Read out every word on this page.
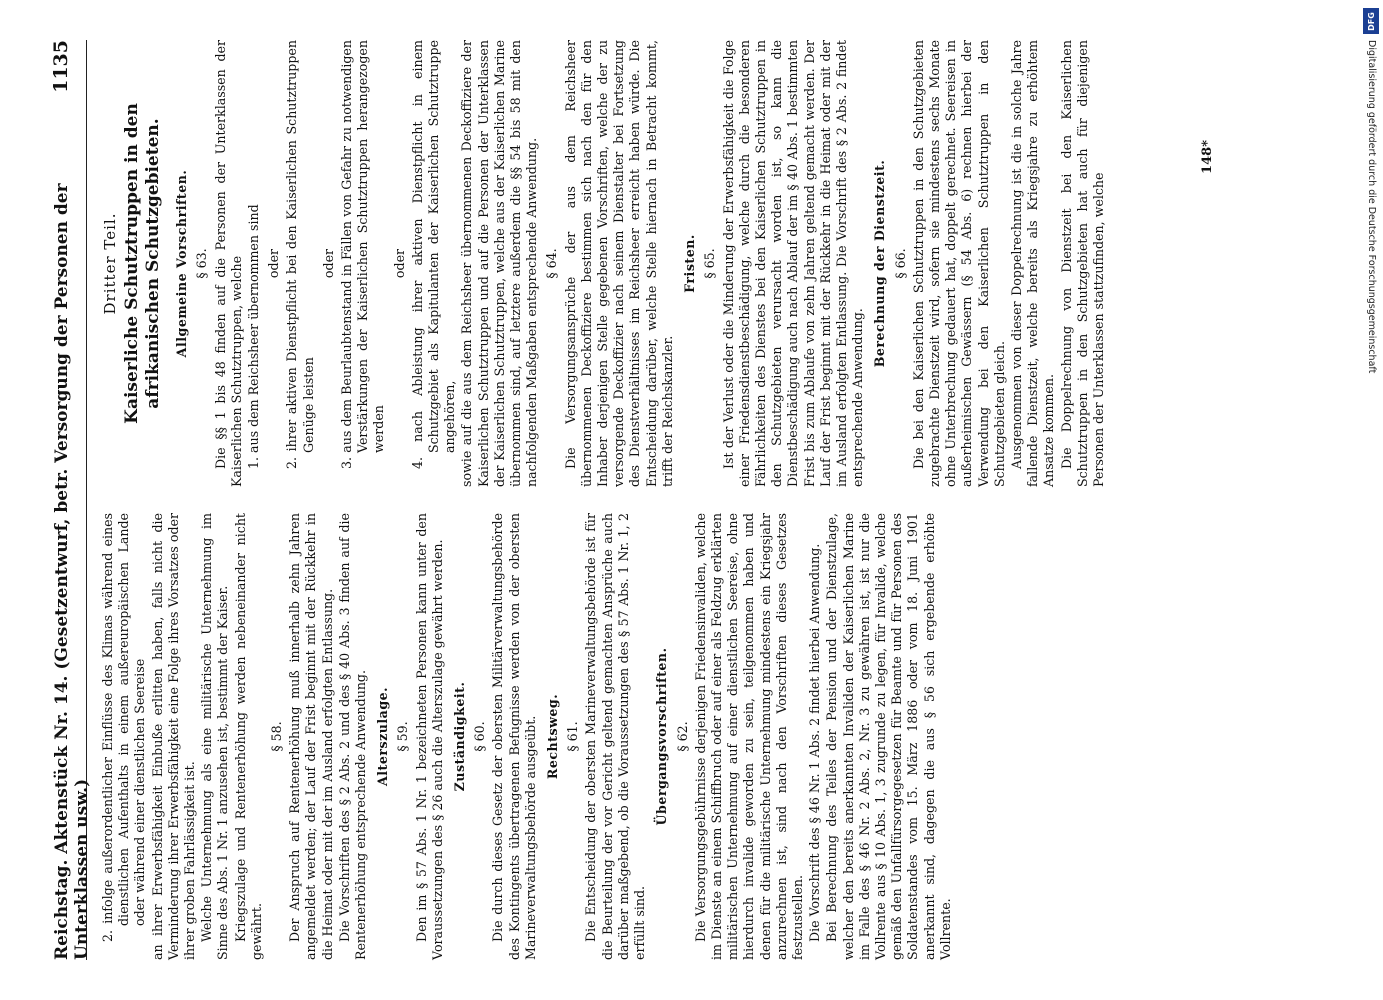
Reichstag. Aktenstück Nr. 14. (Gesetzentwurf, betr. Versorgung der Personen der Unterklassen usw.)
1135

2. infolge außerordentlicher Einflüsse des Klimas während eines dienstlichen Aufenthalts in einem außereuropäischen Lande oder während einer dienstlichen Seereise an ihrer Erwerbsfähigkeit Einbuße erlitten haben, falls nicht die Verminderung ihrer Erwerbsfähigkeit eine Folge ihres Vorsatzes oder ihrer groben Fahrlässigkeit ist. Welche Unternehmung als eine militärische Unternehmung im Sinne des Abs. 1 Nr. 1 anzusehen ist, bestimmt der Kaiser. Kriegszulage und Rentenerhöhung werden nebeneinander nicht gewährt.

§ 58. Der Anspruch auf Rentenerhöhung muß innerhalb zehn Jahren angemeldet werden; der Lauf der Frist beginnt mit der Rückkehr in die Heimat oder mit der im Ausland erfolgten Entlassung. Die Vorschriften des § 2 Abs. 2 und des § 40 Abs. 3 finden auf die Rentenerhöhung entsprechende Anwendung. Alterszulage. § 59. Den im § 57 Abs. 1 Nr. 1 bezeichneten Personen kann unter den Voraussetzungen des § 26 auch die Alterszulage gewährt werden. Zuständigkeit. § 60. Die durch dieses Gesetz der obersten Militärverwaltungsbehörde des Kontingents übertragenen Befugnisse werden von der obersten Marineverwaltungsbehörde ausgeübt. Rechtsweg. § 61. Die Entscheidung der obersten Marineverwaltungsbehörde ist für die Beurteilung der vor Gericht geltend gemachten Ansprüche auch darüber maßgebend, ob die Voraussetzungen des § 57 Abs. 1 Nr. 1, 2 erfüllt sind.

Übergangsvorschriften. § 62. Die Versorgungsgebührnisse derjenigen Friedensinvaliden, welche im Dienste an einem Schiffbruch oder auf einer als Feldzug erklärten militärischen Unternehmung auf einer dienstlichen Seereise, ohne hierdurch invalide geworden zu sein, teilgenommen haben und denen für die militärische Unternehmung mindestens ein Kriegsjahr anzurechnen ist, sind nach den Vorschriften dieses Gesetzes festzustellen. Die Vorschrift des § 46 Nr. 1 Abs. 2 findet hierbei Anwendung. Bei Berechnung des Teiles der Pension und der Dienstzulage, welcher den bereits anerkannten Invaliden der Kaiserlichen Marine im Falle des § 46 Nr. 2 Abs. 2, Nr. 3 zu gewähren ist, ist nur die Vollrente aus § 10 Abs. 1, 3 zugrunde zu legen, für Invalide, welche gemäß den Unfallfürsorgegesetzen für Beamte und für Personen des Soldatenstandes vom 15. März 1886 oder vom 18. Juni 1901 anerkannt sind, dagegen die aus § 56 sich ergebende erhöhte Vollrente.

Dritter Teil. Kaiserliche Schutztruppen in den afrikanischen Schutzgebieten. Allgemeine Vorschriften. § 63. Die §§ 1 bis 48 finden auf die Personen der Unterklassen der Kaiserlichen Schutztruppen, welche 1. aus dem Reichsheer übernommen sind oder 2. ihrer aktiven Dienstpflicht bei den Kaiserlichen Schutztruppen Genüge leisten

oder 3. aus dem Beurlaubtenstand in Fällen von Gefahr zu notwendigen Verstärkungen der Kaiserlichen Schutztruppen herangezogen werden

oder 4. nach Ableistung ihrer aktiven Dienstpflicht in einem Schutzgebiet als Kapitulanten der Kaiserlichen Schutztruppe angehören, sowie auf die aus dem Reichsheer übernommenen Deckoffiziere der Kaiserlichen Schutztruppen und auf die Personen der Unterklassen der Kaiserlichen Schutztruppen, welche aus der Kaiserlichen Marine übernommen sind, auf letztere außerdem die §§ 54 bis 58 mit den nachfolgenden Maßgaben entsprechende Anwendung. § 64. Die Versorgungsansprüche der aus dem Reichsheer übernommenen Deckoffiziere bestimmen sich nach den für den Inhaber derjenigen Stelle gegebenen Vorschriften, welche der zu versorgende Deckoffizier nach seinem Dienstalter bei Fortsetzung des Dienstverhältnisses im Reichsheer erreicht haben würde. Die Entscheidung darüber, welche Stelle hiernach in Betracht kommt, trifft der Reichskanzler.

Fristen. § 65. Ist der Verlust oder die Minderung der Erwerbsfähigkeit die Folge einer Friedensdienstbeschädigung, welche durch die besonderen Fährlichkeiten des Dienstes bei den Kaiserlichen Schutztruppen in den Schutzgebieten verursacht worden ist, so kann die Dienstbeschädigung auch nach Ablauf der im § 40 Abs. 1 bestimmten Frist bis zum Ablaufe von zehn Jahren geltend gemacht werden. Der Lauf der Frist beginnt mit der Rückkehr in die Heimat oder mit der im Ausland erfolgten Entlassung. Die Vorschrift des § 2 Abs. 2 findet entsprechende Anwendung.

Berechnung der Dienstzeit. § 66. Die bei den Kaiserlichen Schutztruppen in den Schutzgebieten zugebrachte Dienstzeit wird, sofern sie mindestens sechs Monate ohne Unterbrechung gedauert hat, doppelt gerechnet. Seereisen in außerheimischen Gewässern (§ 54 Abs. 6) rechnen hierbei der Verwendung bei den Kaiserlichen Schutztruppen in den Schutzgebieten gleich. Ausgenommen von dieser Doppelrechnung ist die in solche Jahre fallende Dienstzeit, welche bereits als Kriegsjahre zu erhöhtem Ansatze kommen. Die Doppelrechnung von Dienstzeit bei den Kaiserlichen Schutztruppen in den Schutzgebieten hat auch für diejenigen Personen der Unterklassen stattzufinden, welche

148*
DFG
Digitalisierung gefördert durch die Deutsche Forschungsgemeinschaft
